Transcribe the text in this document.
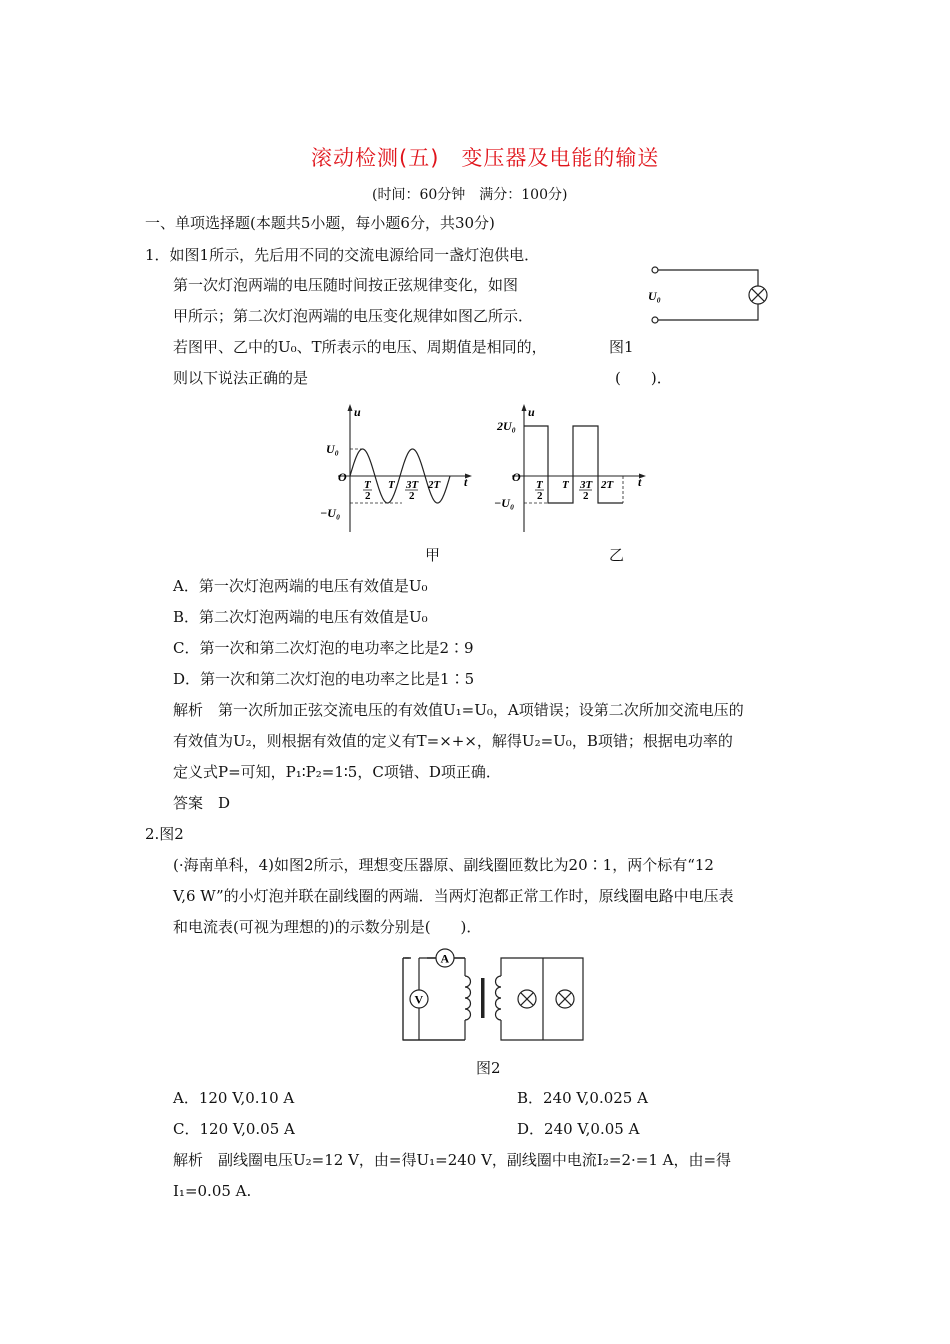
滚动检测(五)　变压器及电能的输送
(时间：60分钟　满分：100分)
一、单项选择题(本题共5小题，每小题6分，共30分)
1．如图1所示，先后用不同的交流电源给同一盏灯泡供电．
第一次灯泡两端的电压随时间按正弦规律变化，如图
甲所示；第二次灯泡两端的电压变化规律如图乙所示．
若图甲、乙中的U₀、T所表示的电压、周期值是相同的，	图1
则以下说法正确的是	(　　)．
U₀
u
t
O
U₀
−U₀
T
2
T 3T
2
2T
甲
u
t
O
2U₀
−U₀
T
2
T 3T
2
2T
乙
A．第一次灯泡两端的电压有效值是U₀
B．第二次灯泡两端的电压有效值是U₀
C．第一次和第二次灯泡的电功率之比是2∶9
D．第一次和第二次灯泡的电功率之比是1∶5
解析　第一次所加正弦交流电压的有效值U₁=U₀，A项错误；设第二次所加交流电压的
有效值为U₂，则根据有效值的定义有T=×+×，解得U₂=U₀，B项错；根据电功率的
定义式P=可知，P₁∶P₂=1∶5，C项错、D项正确．
答案　D
2.图2
(·海南单科，4)如图2所示，理想变压器原、副线圈匝数比为20∶1，两个标有“12
V,6 W”的小灯泡并联在副线圈的两端．当两灯泡都正常工作时，原线圈电路中电压表
和电流表(可视为理想的)的示数分别是(　　)．
A
V
图2
A．120 V,0.10 A	B．240 V,0.025 A
C．120 V,0.05 A	D．240 V,0.05 A
解析　副线圈电压U₂=12 V，由=得U₁=240 V，副线圈中电流I₂=2·=1 A，由=得
I₁=0.05 A.
